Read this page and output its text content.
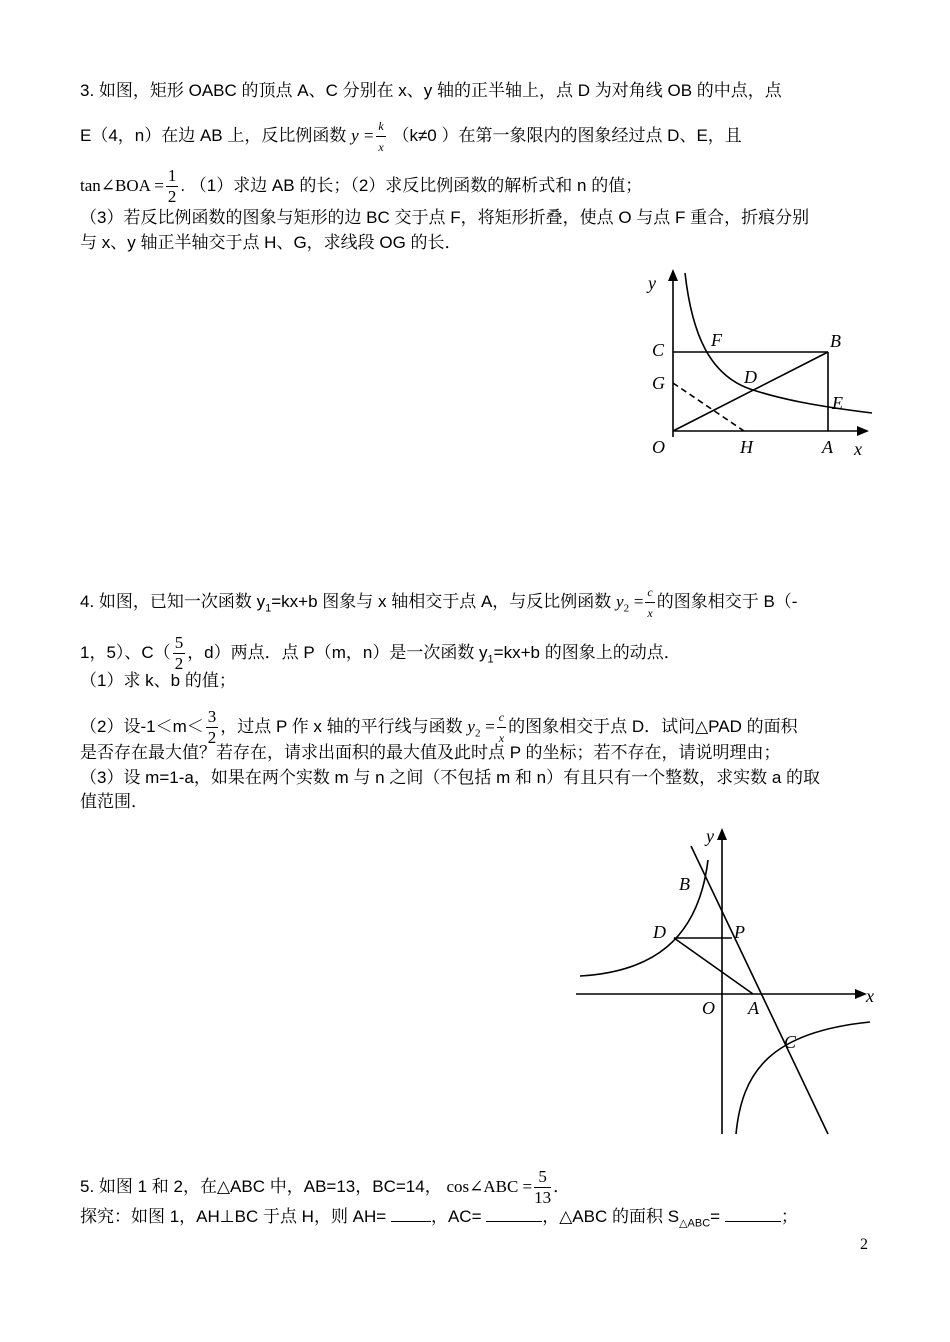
3. 如图，矩形 OABC 的顶点 A、C 分别在 x、y 轴的正半轴上，点 D 为对角线 OB 的中点，点
E（4，n）在边 AB 上，反比例函数 $y = \frac{k}{x} (k\ne 0$ ）在第一象限内的图象经过点 D、E，且
tan∠BOA = $\frac{1}{2}$ . （1）求边 AB 的长；（2）求反比例函数的解析式和 n 的值；
（3）若反比例函数的图象与矩形的边 BC 交于点 F，将矩形折叠，使点 O 与点 F 重合，折痕分别
与 x、y 轴正半轴交于点 H、G，求线段 OG 的长．
y
x
O	A
B
C
D
E
F
G
H
4. 如图，已知一次函数 $y_1=kx+b$ 图象与 x 轴相交于点 A，与反比例函数 $y_2 = \frac{c}{x}$ 的图象相交于 B（-
1，5）、$C( \frac{5}{2}$ ，d）两点．点 P（m，n）是一次函数 $y_1=kx+b$ 的图象上的动点．
（1）求 k、b 的值；
（2）设$-1<m< \frac{3}{2}$ ，过点 P 作 x 轴的平行线与函数 $y_2 = \frac{c}{x}$ 的图象相交于点 D．试问△PAD 的面积
是否存在最大值？若存在，请求出面积的最大值及此时点 P 的坐标；若不存在，请说明理由；
（3）设 m=1-a，如果在两个实数 m 与 n 之间（不包括 m 和 n）有且只有一个整数，求实数 a 的取
值范围．
y
x
O A
B
C
D	P
5. 如图 1 和 2，在△ABC 中，AB=13，BC=14， cos∠ABC = $\frac{5}{13}$ ．
探究：如图 1，AH⊥BC 于点 H，则 AH=	，AC=	，△ABC 的面积 $S_{\triangle ABC}=$	；
2
